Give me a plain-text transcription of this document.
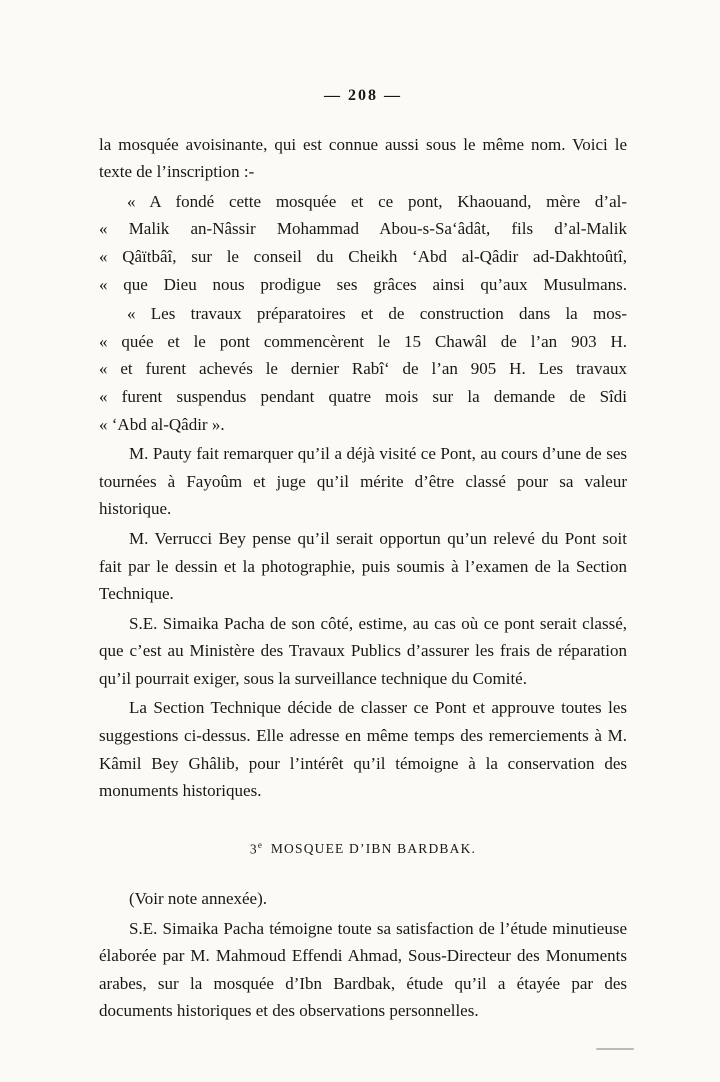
— 208 —

la mosquée avoisinante, qui est connue aussi sous le même nom. Voici le texte de l’inscription :-

« A fondé cette mosquée et ce pont, Khaouand, mère d’al-
« Malik an-Nâssir Mohammad Abou-s-Sa‘âdât, fils d’al-Malik
« Qâïtbâî, sur le conseil du Cheikh ‘Abd al-Qâdir ad-Dakhtoûtî,
« que Dieu nous prodigue ses grâces ainsi qu’aux Musulmans.
« Les travaux préparatoires et de construction dans la mos-
« quée et le pont commencèrent le 15 Chawâl de l’an 903 H.
« et furent achevés le dernier Rabî‘ de l’an 905 H. Les travaux
« furent suspendus pendant quatre mois sur la demande de Sîdi
« ‘Abd al-Qâdir ».

M. Pauty fait remarquer qu’il a déjà visité ce Pont, au cours d’une de ses tournées à Fayoûm et juge qu’il mérite d’être classé pour sa valeur historique.

M. Verrucci Bey pense qu’il serait opportun qu’un relevé du Pont soit fait par le dessin et la photographie, puis soumis à l’examen de la Section Technique.

S.E. Simaika Pacha de son côté, estime, au cas où ce pont serait classé, que c’est au Ministère des Travaux Publics d’assurer les frais de réparation qu’il pourrait exiger, sous la surveillance technique du Comité.

La Section Technique décide de classer ce Pont et approuve toutes les suggestions ci-dessus. Elle adresse en même temps des remerciements à M. Kâmil Bey Ghâlib, pour l’intérêt qu’il témoigne à la conservation des monuments historiques.

3e MOSQUEE D’IBN BARDBAK.

(Voir note annexée).

S.E. Simaika Pacha témoigne toute sa satisfaction de l’étude minutieuse élaborée par M. Mahmoud Effendi Ahmad, Sous-Directeur des Monuments arabes, sur la mosquée d’Ibn Bardbak, étude qu’il a étayée par des documents historiques et des observations personnelles.
